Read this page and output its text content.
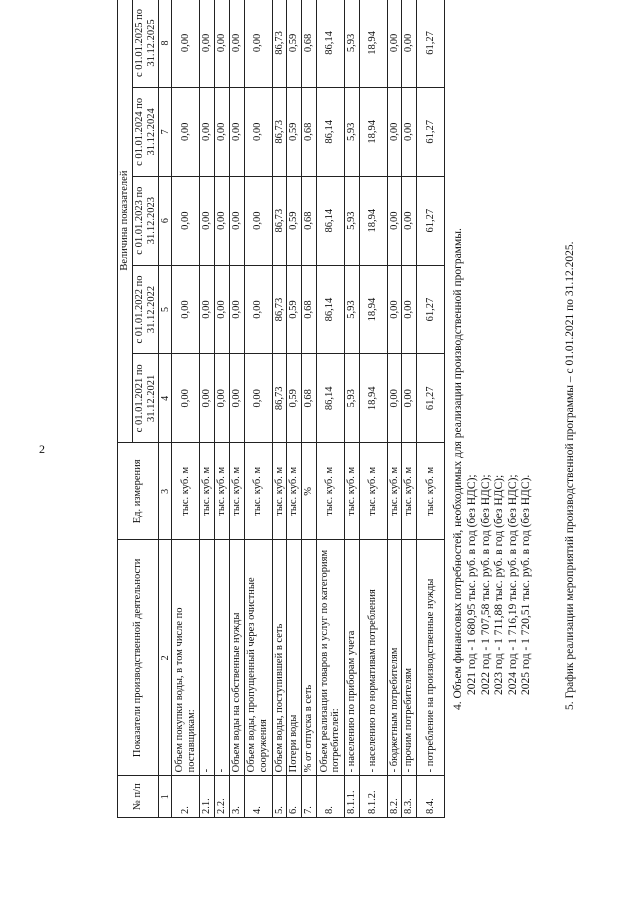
2
№ п/п	Показатели производственной деятельности	Ед. измерения	Величина показателей				
			с 01.01.2021 по 31.12.2021	с 01.01.2022 по 31.12.2022	с 01.01.2023 по 31.12.2023	с 01.01.2024 по 31.12.2024	с 01.01.2025 по 31.12.2025
1	2	3	4	5	6	7	8
2.	Объем покупки воды, в том числе по поставщикам:	тыс. куб. м	0,00	0,00	0,00	0,00	0,00
2.1.	-	тыс. куб. м	0,00	0,00	0,00	0,00	0,00
2.2.	-	тыс. куб. м	0,00	0,00	0,00	0,00	0,00
3.	Объем воды на собственные нужды	тыс. куб. м	0,00	0,00	0,00	0,00	0,00
4.	Объем воды, пропущенный через очистные сооружения	тыс. куб. м	0,00	0,00	0,00	0,00	0,00
5.	Объем воды, поступившей в сеть	тыс. куб. м	86,73	86,73	86,73	86,73	86,73
6.	Потери воды	тыс. куб. м	0,59	0,59	0,59	0,59	0,59
7.	% от отпуска в сеть	%	0,68	0,68	0,68	0,68	0,68
8.	Объем реализации товаров и услуг по категориям потребителей:	тыс. куб. м	86,14	86,14	86,14	86,14	86,14
8.1.1.	- населению по приборам учета	тыс. куб. м	5,93	5,93	5,93	5,93	5,93
8.1.2.	- населению по нормативам потребления	тыс. куб. м	18,94	18,94	18,94	18,94	18,94
8.2.	- бюджетным потребителям	тыс. куб. м	0,00	0,00	0,00	0,00	0,00
8.3.	- прочим потребителям	тыс. куб. м	0,00	0,00	0,00	0,00	0,00
8.4.	- потребление на производственные нужды	тыс. куб. м	61,27	61,27	61,27	61,27	61,27
4. Объем финансовых потребностей, необходимых для реализации производственной программы. 2021 год - 1 680,95 тыс. руб. в год (без НДС); 2022 год - 1 707,58 тыс. руб. в год (без НДС); 2023 год - 1 711,88 тыс. руб. в год (без НДС); 2024 год - 1 716,19 тыс. руб. в год (без НДС); 2025 год - 1 720,51 тыс. руб. в год (без НДС).	5. График реализации мероприятий производственной программы – с 01.01.2021 по 31.12.2025.
